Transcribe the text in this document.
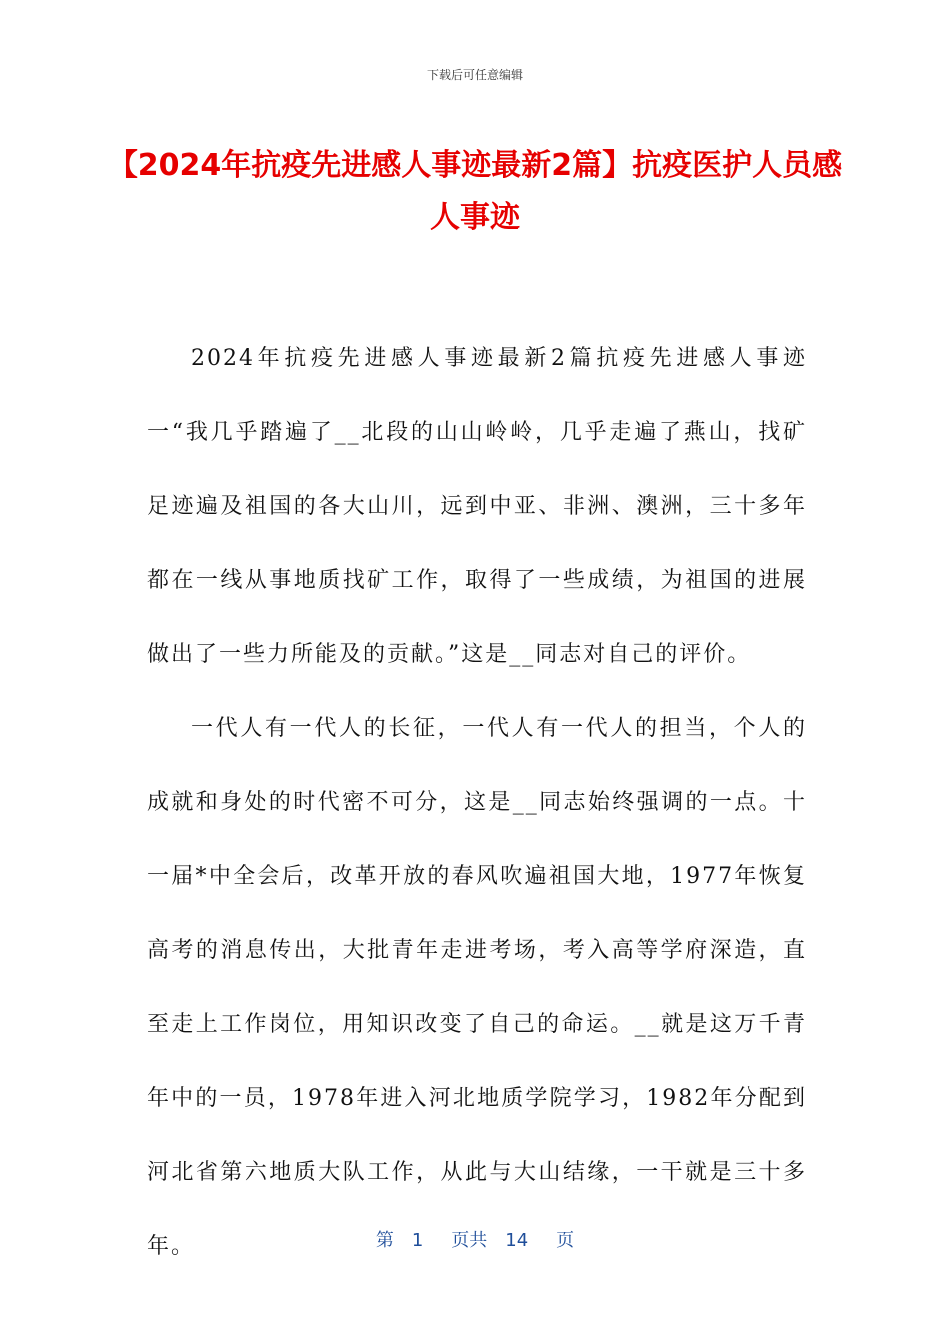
下载后可任意编辑
【2024年抗疫先进感人事迹最新2篇】抗疫医护人员感人事迹

2024年抗疫先进感人事迹最新2篇抗疫先进感人事迹一“我几乎踏遍了__北段的山山岭岭，几乎走遍了燕山，找矿足迹遍及祖国的各大山川，远到中亚、非洲、澳洲，三十多年都在一线从事地质找矿工作，取得了一些成绩，为祖国的进展做出了一些力所能及的贡献。”这是__同志对自己的评价。

一代人有一代人的长征，一代人有一代人的担当，个人的成就和身处的时代密不可分，这是__同志始终强调的一点。十一届*中全会后，改革开放的春风吹遍祖国大地，1977年恢复高考的消息传出，大批青年走进考场，考入高等学府深造，直至走上工作岗位，用知识改变了自己的命运。__就是这万千青年中的一员，1978年进入河北地质学院学习，1982年分配到河北省第六地质大队工作，从此与大山结缘，一干就是三十多年。	第 1 页共 14 页
